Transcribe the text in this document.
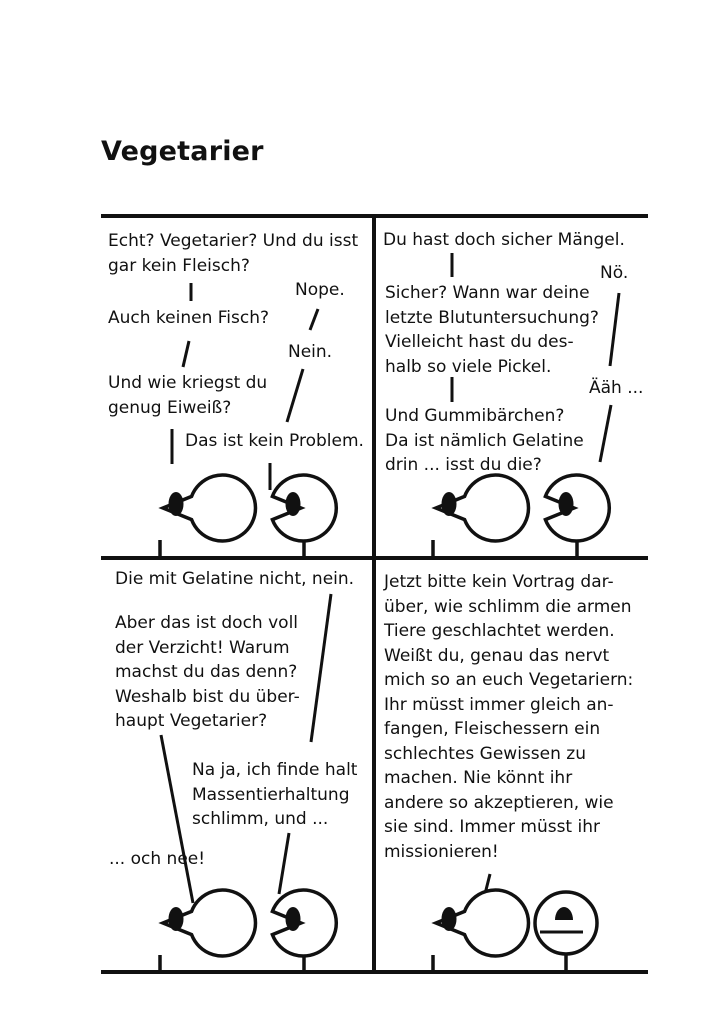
Vegetarier
Echt? Vegetarier? Und du isst
gar kein Fleisch?
Nope.
Auch keinen Fisch?
Nein.
Und wie kriegst du
genug Eiweiß?
Das ist kein Problem.
Du hast doch sicher Mängel.
Nö.
Sicher? Wann war deine
letzte Blutuntersuchung?
Vielleicht hast du des-
halb so viele Pickel.
Ääh ...
Und Gummibärchen?
Da ist nämlich Gelatine
drin ... isst du die?
Die mit Gelatine nicht, nein.
Aber das ist doch voll
der Verzicht! Warum
machst du das denn?
Weshalb bist du über-
haupt Vegetarier?
Na ja, ich finde halt
Massentierhaltung
schlimm, und ...
... och nee!
Jetzt bitte kein Vortrag dar-
über, wie schlimm die armen
Tiere geschlachtet werden.
Weißt du, genau das nervt
mich so an euch Vegetariern:
Ihr müsst immer gleich an-
fangen, Fleischessern ein
schlechtes Gewissen zu
machen. Nie könnt ihr
andere so akzeptieren, wie
sie sind. Immer müsst ihr
missionieren!
